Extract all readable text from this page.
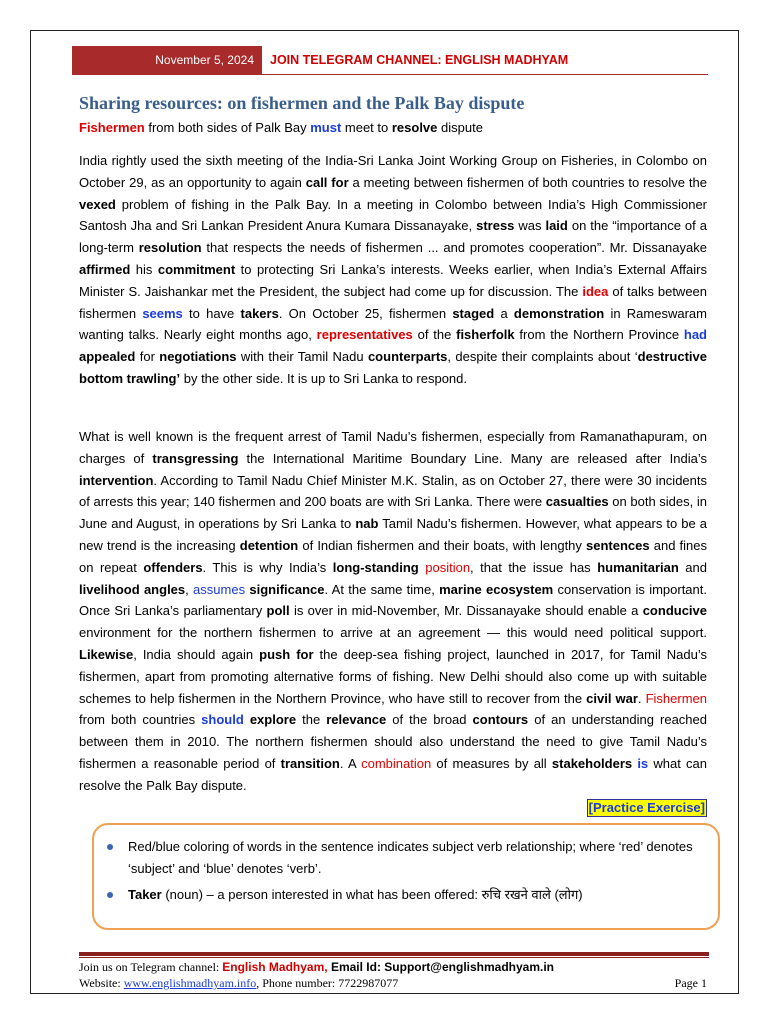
November 5, 2024	JOIN TELEGRAM CHANNEL: ENGLISH MADHYAM
Sharing resources: on fishermen and the Palk Bay dispute
Fishermen from both sides of Palk Bay must meet to resolve dispute

India rightly used the sixth meeting of the India-Sri Lanka Joint Working Group on Fisheries, in Colombo on October 29, as an opportunity to again call for a meeting between fishermen of both countries to resolve the vexed problem of fishing in the Palk Bay. In a meeting in Colombo between India’s High Commissioner Santosh Jha and Sri Lankan President Anura Kumara Dissanayake, stress was laid on the “importance of a long-term resolution that respects the needs of fishermen ... and promotes cooperation”. Mr. Dissanayake affirmed his commitment to protecting Sri Lanka’s interests. Weeks earlier, when India’s External Affairs Minister S. Jaishankar met the President, the subject had come up for discussion. The idea of talks between fishermen seems to have takers. On October 25, fishermen staged a demonstration in Rameswaram wanting talks. Nearly eight months ago, representatives of the fisherfolk from the Northern Province had appealed for negotiations with their Tamil Nadu counterparts, despite their complaints about ‘destructive bottom trawling’ by the other side. It is up to Sri Lanka to respond.

What is well known is the frequent arrest of Tamil Nadu’s fishermen, especially from Ramanathapuram, on charges of transgressing the International Maritime Boundary Line. Many are released after India’s intervention. According to Tamil Nadu Chief Minister M.K. Stalin, as on October 27, there were 30 incidents of arrests this year; 140 fishermen and 200 boats are with Sri Lanka. There were casualties on both sides, in June and August, in operations by Sri Lanka to nab Tamil Nadu’s fishermen. However, what appears to be a new trend is the increasing detention of Indian fishermen and their boats, with lengthy sentences and fines on repeat offenders. This is why India’s long-standing position, that the issue has humanitarian and livelihood angles, assumes significance. At the same time, marine ecosystem conservation is important. Once Sri Lanka’s parliamentary poll is over in mid-November, Mr. Dissanayake should enable a conducive environment for the northern fishermen to arrive at an agreement — this would need political support. Likewise, India should again push for the deep-sea fishing project, launched in 2017, for Tamil Nadu’s fishermen, apart from promoting alternative forms of fishing. New Delhi should also come up with suitable schemes to help fishermen in the Northern Province, who have still to recover from the civil war. Fishermen from both countries should explore the relevance of the broad contours of an understanding reached between them in 2010. The northern fishermen should also understand the need to give Tamil Nadu’s fishermen a reasonable period of transition. A combination of measures by all stakeholders is what can resolve the Palk Bay dispute.
[Practice Exercise]

Red/blue coloring of words in the sentence indicates subject verb relationship; where ‘red’ denotes ‘subject’ and ‘blue’ denotes ‘verb’.
Taker (noun) – a person interested in what has been offered: रुचि रखने वाले (लोग)
Join us on Telegram channel: English Madhyam, Email Id: Support@englishmadhyam.in
Website: www.englishmadhyam.info, Phone number: 7722987077	Page 1
